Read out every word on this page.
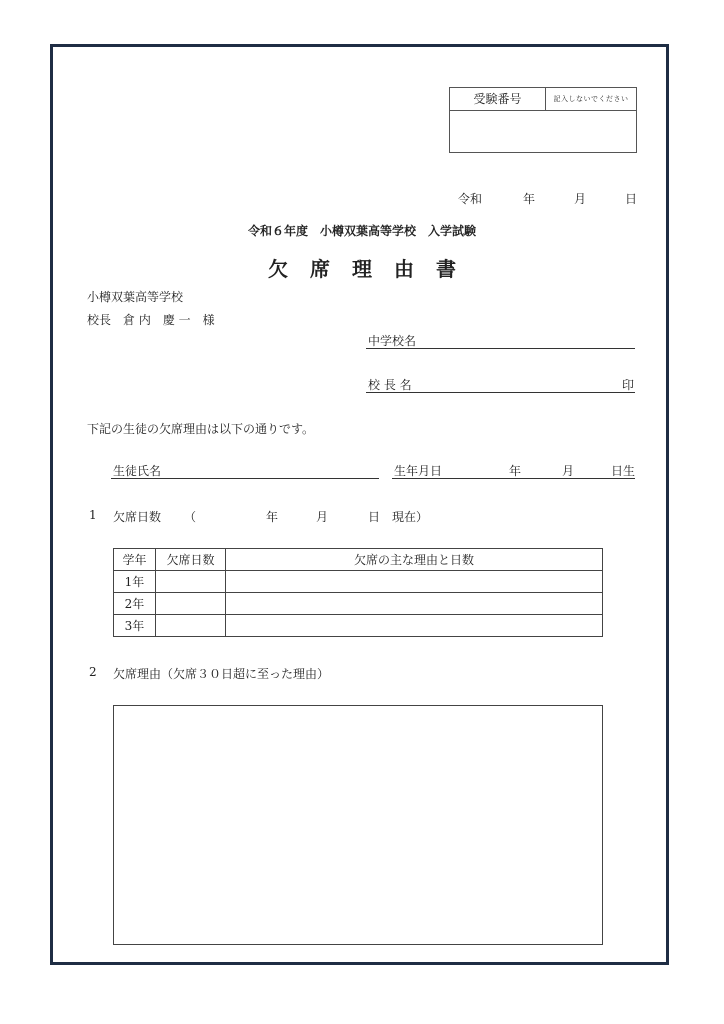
受験番号	記入しないでください
令和	年	月	日
令和６年度　小樽双葉高等学校　入学試験
欠席理由書
小樽双葉高等学校
校長　倉 内　慶 一　様
中学校名
校 長 名	印
下記の生徒の欠席理由は以下の通りです。
生徒氏名	生年月日	年	月	日生
1 欠席日数 （	年	月	日 現在）
学年	欠席日数	欠席の主な理由と日数
1年		
2年		
3年		
2 欠席理由（欠席３０日超に至った理由）
